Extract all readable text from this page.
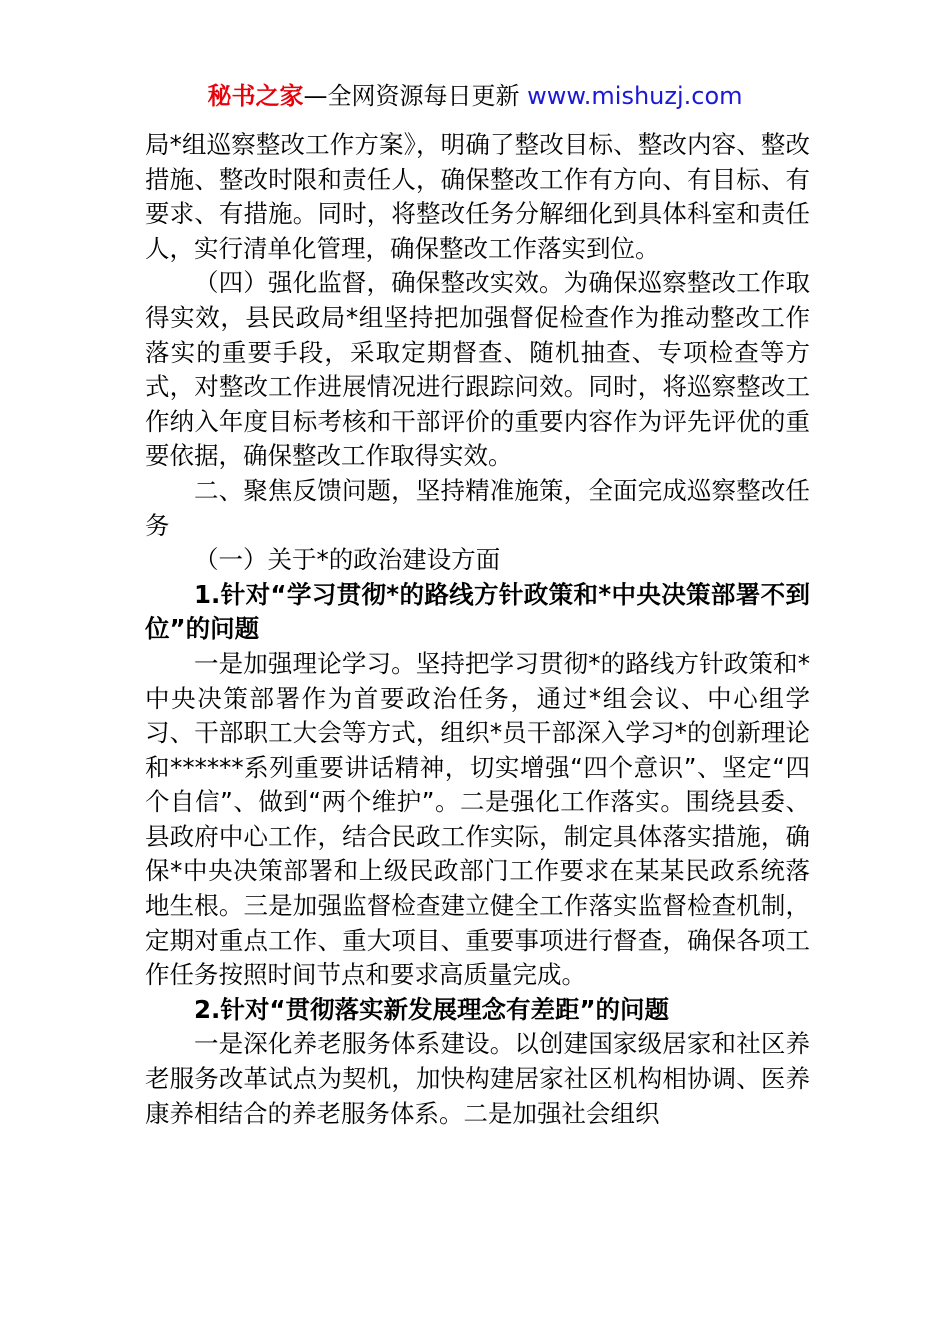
秘书之家—全网资源每日更新 www.mishuzj.com

局*组巡察整改工作方案》，明确了整改目标、整改内容、整改措施、整改时限和责任人，确保整改工作有方向、有目标、有要求、有措施。同时，将整改任务分解细化到具体科室和责任人，实行清单化管理，确保整改工作落实到位。

（四）强化监督，确保整改实效。为确保巡察整改工作取得实效，县民政局*组坚持把加强督促检查作为推动整改工作落实的重要手段，采取定期督查、随机抽查、专项检查等方式，对整改工作进展情况进行跟踪问效。同时，将巡察整改工作纳入年度目标考核和干部评价的重要内容作为评先评优的重要依据，确保整改工作取得实效。

二、聚焦反馈问题，坚持精准施策，全面完成巡察整改任务

（一）关于*的政治建设方面

1.针对“学习贯彻*的路线方针政策和*中央决策部署不到位”的问题

一是加强理论学习。坚持把学习贯彻*的路线方针政策和*中央决策部署作为首要政治任务，通过*组会议、中心组学习、干部职工大会等方式，组织*员干部深入学习*的创新理论和******系列重要讲话精神，切实增强“四个意识”、坚定“四个自信”、做到“两个维护”。二是强化工作落实。围绕县委、县政府中心工作，结合民政工作实际，制定具体落实措施，确保*中央决策部署和上级民政部门工作要求在某某民政系统落地生根。三是加强监督检查建立健全工作落实监督检查机制，定期对重点工作、重大项目、重要事项进行督查，确保各项工作任务按照时间节点和要求高质量完成。

2.针对“贯彻落实新发展理念有差距”的问题

一是深化养老服务体系建设。以创建国家级居家和社区养老服务改革试点为契机，加快构建居家社区机构相协调、医养康养相结合的养老服务体系。二是加强社会组织
